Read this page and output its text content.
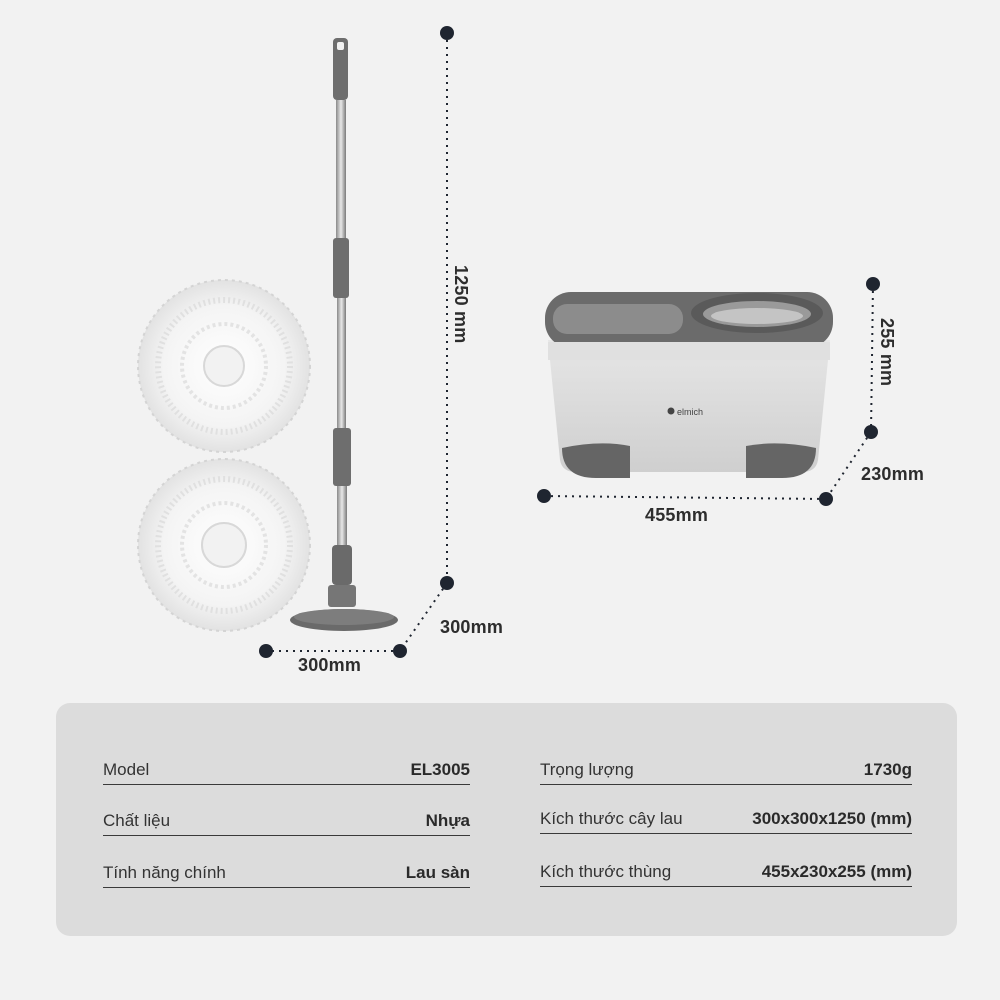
elmich
1250 mm
300mm
300mm
255 mm
230mm
455mm
Model	EL3005
Chất liệu	Nhựa
Tính năng chính	Lau sàn
Trọng lượng	1730g
Kích thước cây lau	300x300x1250 (mm)
Kích thước thùng	455x230x255 (mm)
